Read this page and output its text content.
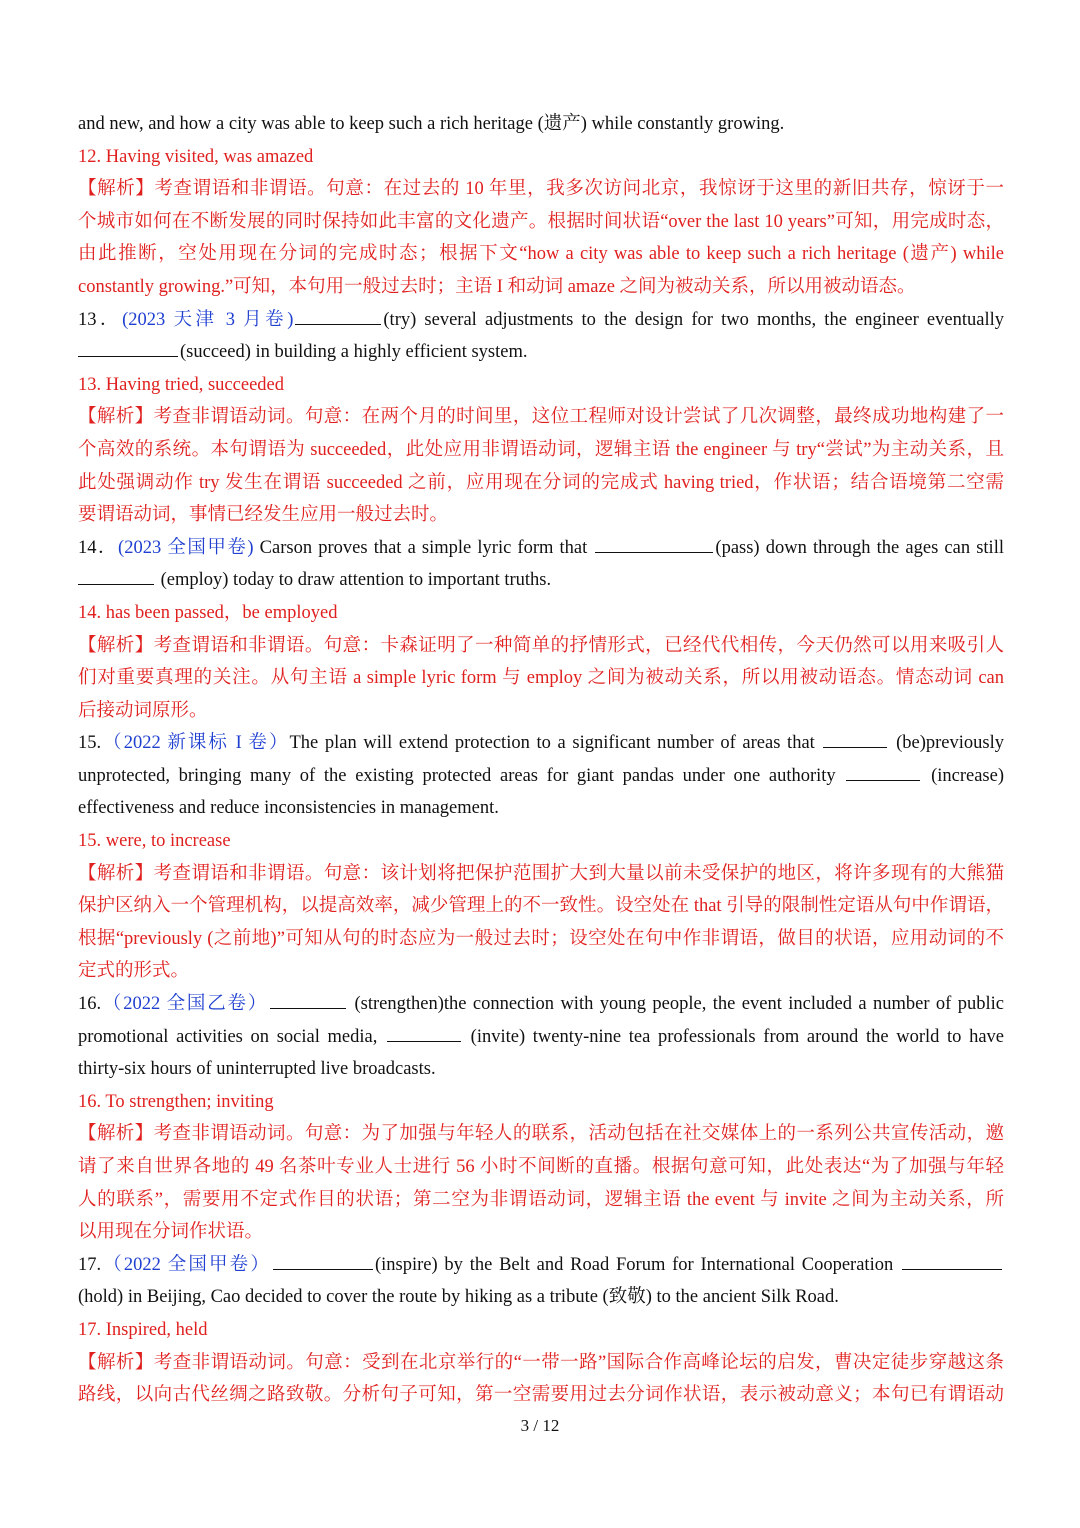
and new, and how a city was able to keep such a rich heritage (遗产) while constantly growing.
12. Having visited, was amazed
【解析】考查谓语和非谓语。句意：在过去的 10 年里，我多次访问北京，我惊讶于这里的新旧共存，惊讶于一
个城市如何在不断发展的同时保持如此丰富的文化遗产。根据时间状语“over the last 10 years”可知，用完成时态，
由此推断，空处用现在分词的完成时态；根据下文“how a city was able to keep such a rich heritage (遗产) while
constantly growing.”可知，本句用一般过去时；主语 I 和动词 amaze 之间为被动关系，所以用被动语态。
13．(2023 天津 3 月卷)	(try) several adjustments to the design for two months, the engineer eventually
(succeed) in building a highly efficient system.
13. Having tried, succeeded
【解析】考查非谓语动词。句意：在两个月的时间里，这位工程师对设计尝试了几次调整，最终成功地构建了一
个高效的系统。本句谓语为 succeeded，此处应用非谓语动词，逻辑主语 the engineer 与 try“尝试”为主动关系，且
此处强调动作 try 发生在谓语 succeeded 之前，应用现在分词的完成式 having tried，作状语；结合语境第二空需
要谓语动词，事情已经发生应用一般过去时。
14．(2023 全国甲卷) Carson proves that a simple lyric form that	(pass) down through the ages can still
(employ) today to draw attention to important truths.
14. has been passed，be employed
【解析】考查谓语和非谓语。句意：卡森证明了一种简单的抒情形式，已经代代相传，今天仍然可以用来吸引人
们对重要真理的关注。从句主语 a simple lyric form 与 employ 之间为被动关系，所以用被动语态。情态动词 can
后接动词原形。
15.（2022 新课标 I 卷）The plan will extend protection to a significant number of areas that	(be)previously
unprotected, bringing many of the existing protected areas for giant pandas under one authority	(increase)
effectiveness and reduce inconsistencies in management.
15. were, to increase
【解析】考查谓语和非谓语。句意：该计划将把保护范围扩大到大量以前未受保护的地区，将许多现有的大熊猫
保护区纳入一个管理机构，以提高效率，减少管理上的不一致性。设空处在 that 引导的限制性定语从句中作谓语，
根据“previously (之前地)”可知从句的时态应为一般过去时；设空处在句中作非谓语，做目的状语，应用动词的不
定式的形式。
16.（2022 全国乙卷）	(strengthen)the connection with young people, the event included a number of public
promotional activities on social media,	(invite) twenty-nine tea professionals from around the world to have
thirty-six hours of uninterrupted live broadcasts.
16. To strengthen; inviting
【解析】考查非谓语动词。句意：为了加强与年轻人的联系，活动包括在社交媒体上的一系列公共宣传活动，邀
请了来自世界各地的 49 名茶叶专业人士进行 56 小时不间断的直播。根据句意可知，此处表达“为了加强与年轻
人的联系”，需要用不定式作目的状语；第二空为非谓语动词，逻辑主语 the event 与 invite 之间为主动关系，所
以用现在分词作状语。
17.（2022 全国甲卷）	(inspire) by the Belt and Road Forum for International Cooperation
(hold) in Beijing, Cao decided to cover the route by hiking as a tribute (致敬) to the ancient Silk Road.
17. Inspired, held
【解析】考查非谓语动词。句意：受到在北京举行的“一带一路”国际合作高峰论坛的启发，曹决定徒步穿越这条
路线，以向古代丝绸之路致敬。分析句子可知，第一空需要用过去分词作状语，表示被动意义；本句已有谓语动
3 / 12
